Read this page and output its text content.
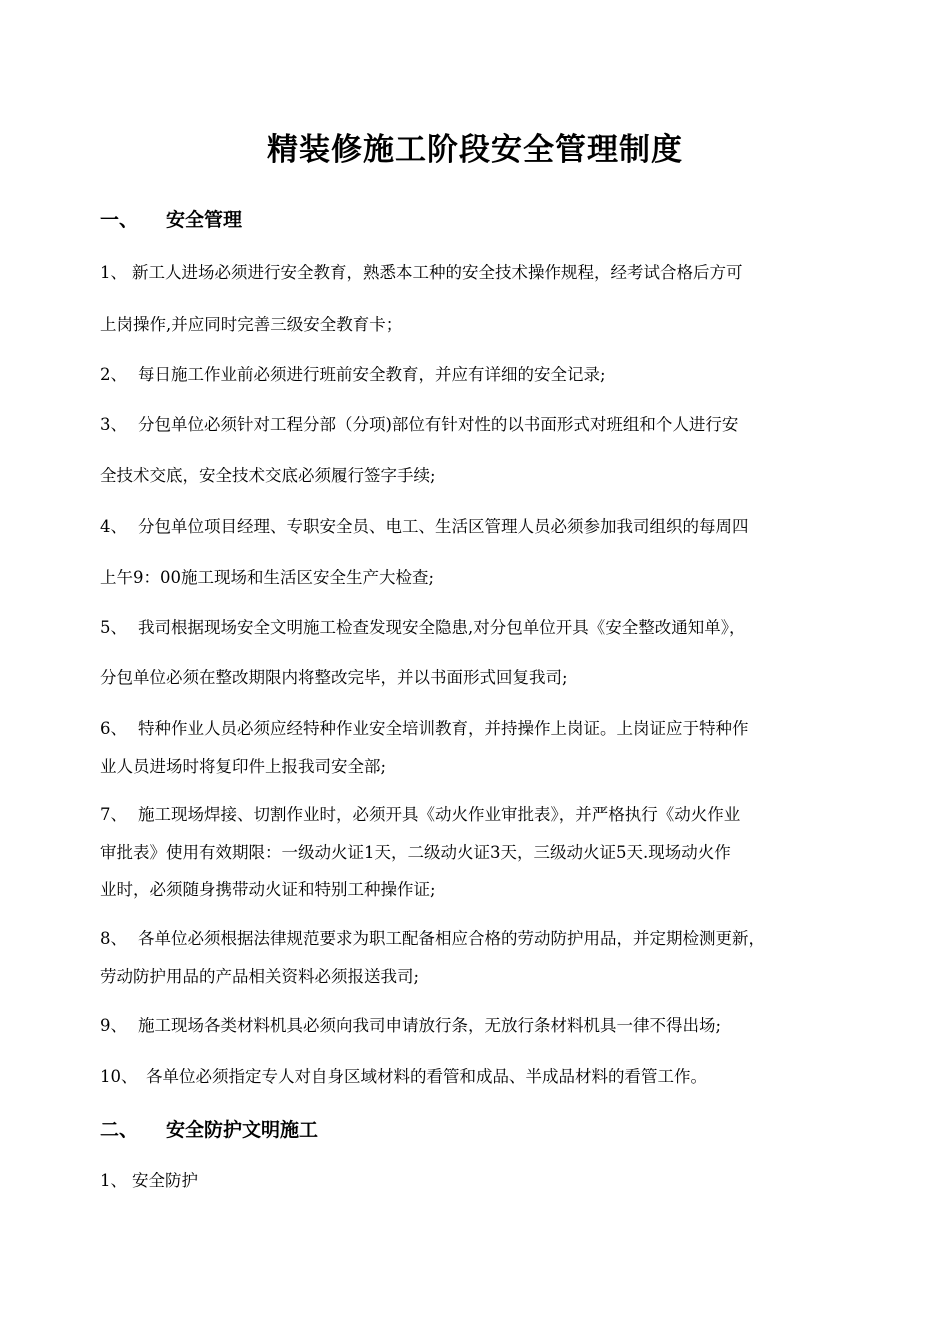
精装修施工阶段安全管理制度
一、 安全管理
1、 新工人进场必须进行安全教育，熟悉本工种的安全技术操作规程，经考试合格后方可
上岗操作,并应同时完善三级安全教育卡；
2、 每日施工作业前必须进行班前安全教育，并应有详细的安全记录;
3、 分包单位必须针对工程分部（分项)部位有针对性的以书面形式对班组和个人进行安
全技术交底，安全技术交底必须履行签字手续;
4、 分包单位项目经理、专职安全员、电工、生活区管理人员必须参加我司组织的每周四
上午9：00施工现场和生活区安全生产大检查;
5、 我司根据现场安全文明施工检查发现安全隐患,对分包单位开具《安全整改通知单》，
分包单位必须在整改期限内将整改完毕，并以书面形式回复我司;
6、 特种作业人员必须应经特种作业安全培训教育，并持操作上岗证。上岗证应于特种作
业人员进场时将复印件上报我司安全部;
7、 施工现场焊接、切割作业时，必须开具《动火作业审批表》，并严格执行《动火作业
审批表》使用有效期限：一级动火证1天，二级动火证3天，三级动火证5天.现场动火作
业时，必须随身携带动火证和特别工种操作证;
8、 各单位必须根据法律规范要求为职工配备相应合格的劳动防护用品，并定期检测更新，
劳动防护用品的产品相关资料必须报送我司;
9、 施工现场各类材料机具必须向我司申请放行条，无放行条材料机具一律不得出场;
10、 各单位必须指定专人对自身区域材料的看管和成品、半成品材料的看管工作。
二、 安全防护文明施工
1、 安全防护
